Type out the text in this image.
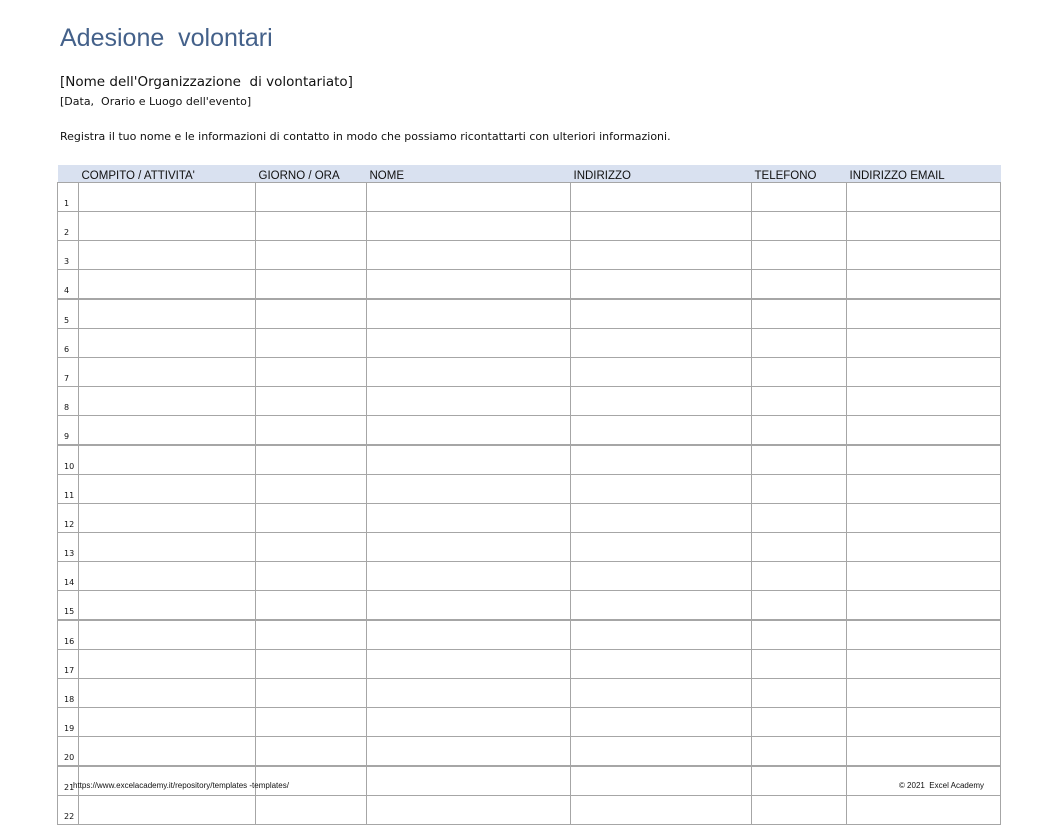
Adesione  volontari
[Nome dell'Organizzazione  di volontariato]
[Data,  Orario e Luogo dell'evento]
Registra il tuo nome e le informazioni di contatto in modo che possiamo ricontattarti con ulteriori informazioni.
	COMPITO / ATTIVITA'	GIORNO / ORA	NOME	INDIRIZZO	TELEFONO	INDIRIZZO EMAIL
1						
2						
3						
4						
5						
6						
7						
8						
9						
10						
11						
12						
13						
14						
15						
16						
17						
18						
19						
20						
21						
22						
https://www.excelacademy.it/repository/templates -templates/	© 2021  Excel Academy
